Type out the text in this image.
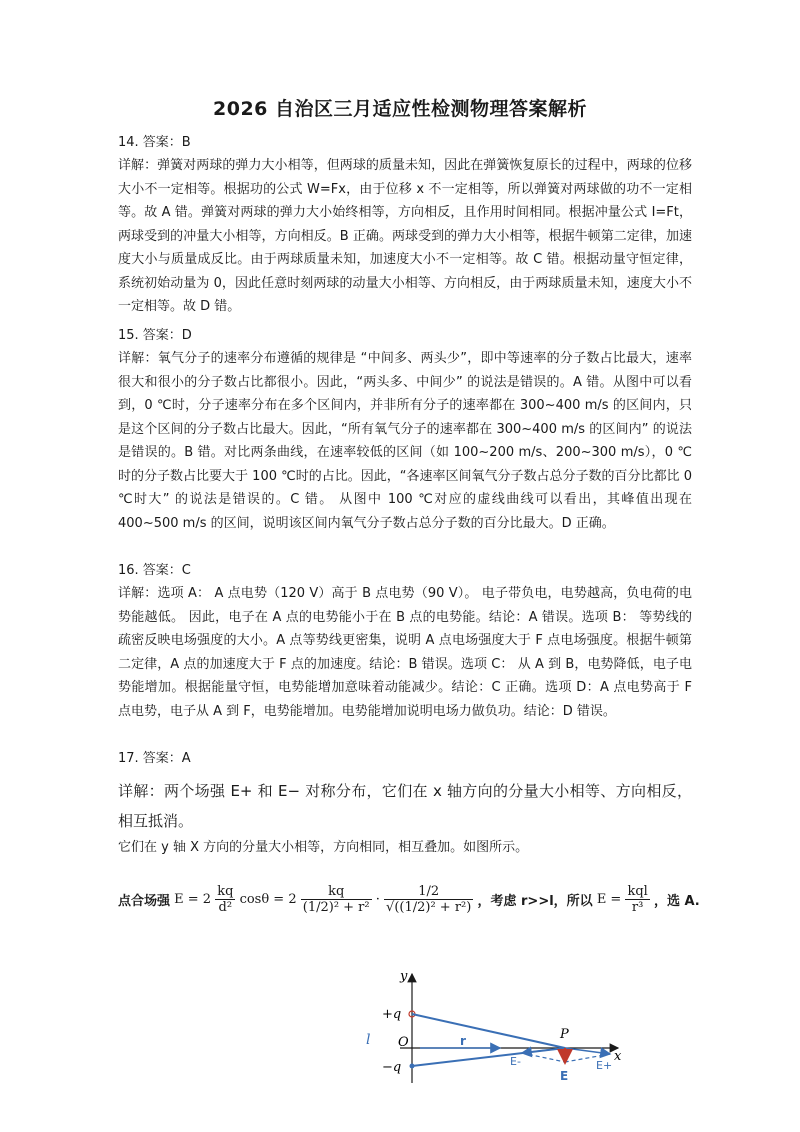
2026 自治区三月适应性检测物理答案解析

14. 答案：B

详解：弹簧对两球的弹力大小相等，但两球的质量未知，因此在弹簧恢复原长的过程中，两球的位移大小不一定相等。根据功的公式 W=Fx，由于位移 x 不一定相等，所以弹簧对两球做的功不一定相等。故 A 错。弹簧对两球的弹力大小始终相等，方向相反，且作用时间相同。根据冲量公式 I=Ft，两球受到的冲量大小相等，方向相反。B 正确。两球受到的弹力大小相等，根据牛顿第二定律，加速度大小与质量成反比。由于两球质量未知，加速度大小不一定相等。故 C 错。根据动量守恒定律，系统初始动量为 0，因此任意时刻两球的动量大小相等、方向相反，由于两球质量未知，速度大小不一定相等。故 D 错。

15. 答案：D

详解：氧气分子的速率分布遵循的规律是 “中间多、两头少”，即中等速率的分子数占比最大，速率很大和很小的分子数占比都很小。因此，“两头多、中间少” 的说法是错误的。A 错。从图中可以看到，0 ℃时，分子速率分布在多个区间内，并非所有分子的速率都在 300~400 m/s 的区间内，只是这个区间的分子数占比最大。因此，“所有氧气分子的速率都在 300~400 m/s 的区间内” 的说法是错误的。B 错。对比两条曲线，在速率较低的区间（如 100~200 m/s、200~300 m/s），0 ℃时的分子数占比要大于 100 ℃时的占比。因此，“各速率区间氧气分子数占总分子数的百分比都比 0 ℃时大” 的说法是错误的。C 错。 从图中 100 ℃对应的虚线曲线可以看出，其峰值出现在 400~500 m/s 的区间，说明该区间内氧气分子数占总分子数的百分比最大。D 正确。

16. 答案：C

详解：选项 A： A 点电势（120 V）高于 B 点电势（90 V）。 电子带负电，电势越高，负电荷的电势能越低。 因此，电子在 A 点的电势能小于在 B 点的电势能。结论：A 错误。选项 B： 等势线的疏密反映电场强度的大小。A 点等势线更密集，说明 A 点电场强度大于 F 点电场强度。根据牛顿第二定律，A 点的加速度大于 F 点的加速度。结论：B 错误。选项 C： 从 A 到 B，电势降低，电子电势能增加。根据能量守恒，电势能增加意味着动能减少。结论：C 正确。选项 D：A 点电势高于 F 点电势，电子从 A 到 F，电势能增加。电势能增加说明电场力做负功。结论：D 错误。

17. 答案：A

详解：两个场强 E+ 和 E− 对称分布，它们在 x 轴方向的分量大小相等、方向相反，相互抵消。

它们在 y 轴 X 方向的分量大小相等，方向相同，相互叠加。如图所示。

点合场强 $E = 2 \frac{kq}{\text{d²}}$ $\cos\theta = 2 \frac{kq}{\text{(1/2)² + r²}} \cdot \frac{1/2}{\text{√((1/2)² + r²)}}$ ，考虑 r>>l，所以 $E = \frac{\text{kql}}{\text{r³}}$ ，选 A.
y
x
+q
−q
O
l	r	P
E-	E+
E
